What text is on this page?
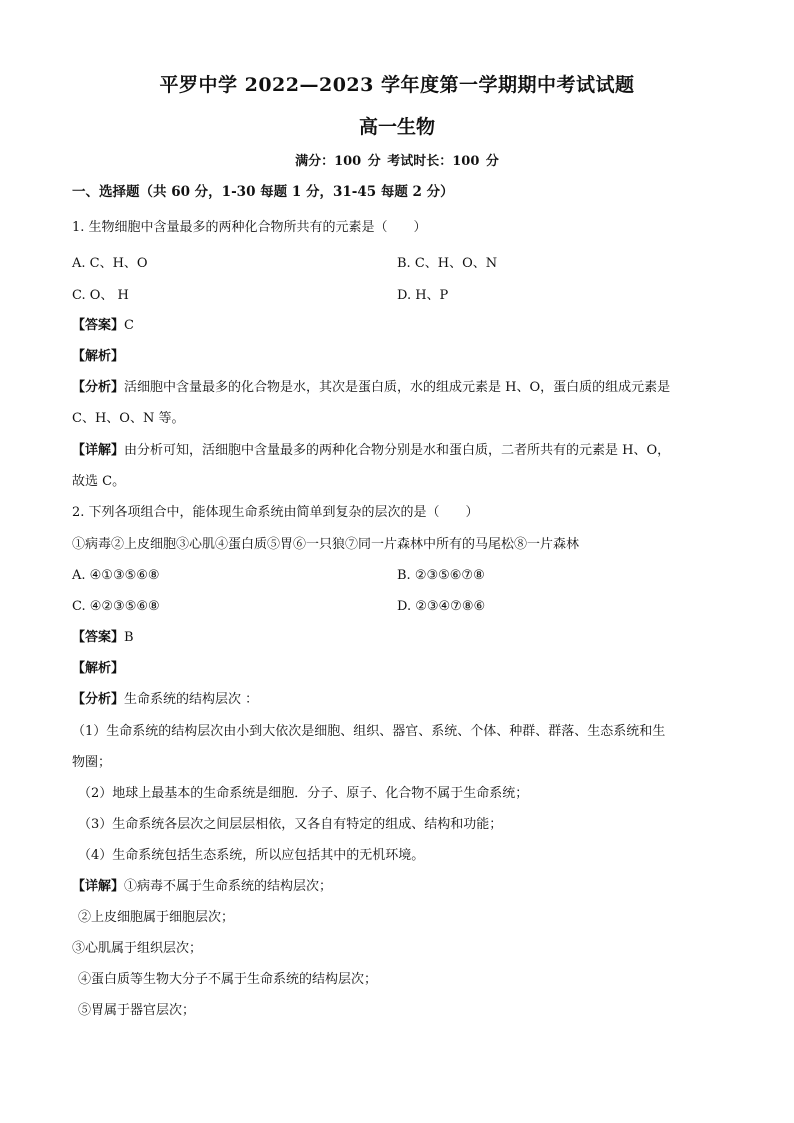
平罗中学 2022—2023 学年度第一学期期中考试试题
高一生物
满分：100 分 考试时长：100 分
一、选择题（共 60 分，1-30 每题 1 分，31-45 每题 2 分）
1. 生物细胞中含量最多的两种化合物所共有的元素是（　　）
A. C、H、O	B. C、H、O、N
C. O、 H	D. H、P
【答案】C
【解析】
【分析】活细胞中含量最多的化合物是水，其次是蛋白质，水的组成元素是 H、O，蛋白质的组成元素是
C、H、O、N 等。
【详解】由分析可知，活细胞中含量最多的两种化合物分别是水和蛋白质，二者所共有的元素是 H、O，
故选 C。
2. 下列各项组合中，能体现生命系统由简单到复杂的层次的是（　　）
①病毒②上皮细胞③心肌④蛋白质⑤胃⑥一只狼⑦同一片森林中所有的马尾松⑧一片森林
A. ④①③⑤⑥⑧	B. ②③⑤⑥⑦⑧
C. ④②③⑤⑥⑧	D. ②③④⑦⑧⑥
【答案】B
【解析】
【分析】生命系统的结构层次 ：
（1）生命系统的结构层次由小到大依次是细胞、组织、器官、系统、个体、种群、群落、生态系统和生
物圈；
（2）地球上最基本的生命系统是细胞．分子、原子、化合物不属于生命系统；
（3）生命系统各层次之间层层相依，又各自有特定的组成、结构和功能；
（4）生命系统包括生态系统，所以应包括其中的无机环境。
【详解】①病毒不属于生命系统的结构层次；
②上皮细胞属于细胞层次；
③心肌属于组织层次；
④蛋白质等生物大分子不属于生命系统的结构层次；
⑤胃属于器官层次；
